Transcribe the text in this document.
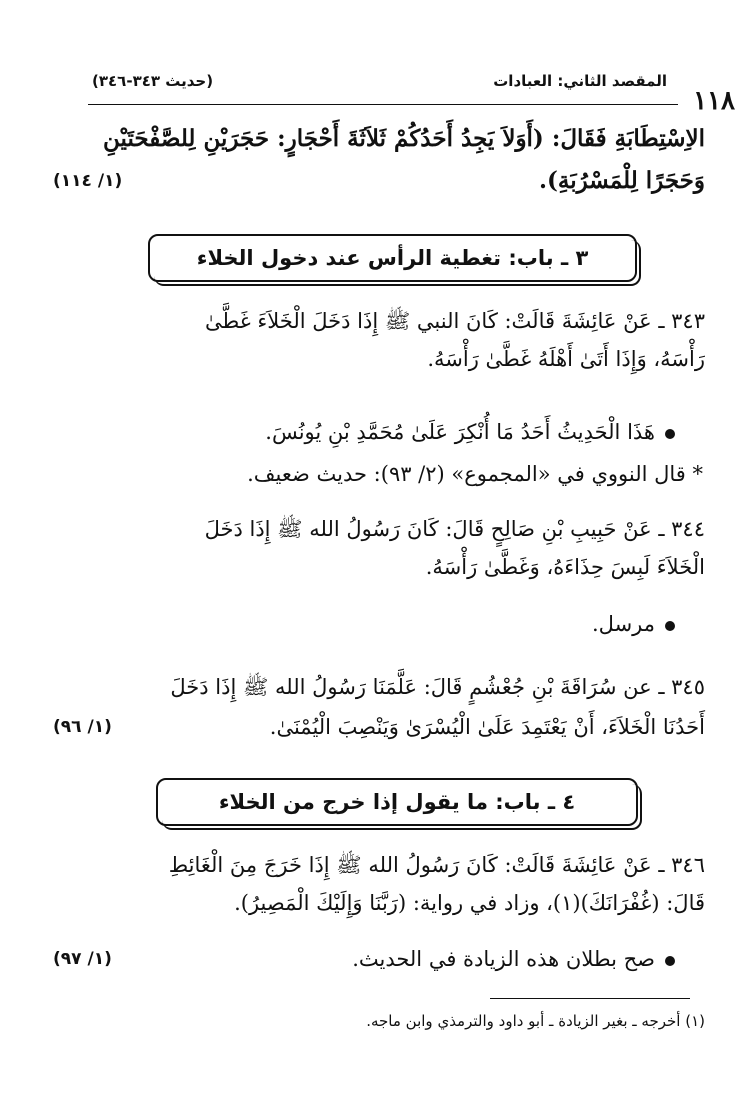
١١٨
المقصد الثاني: العبادات
(حديث ٣٤٣-٣٤٦)
الاِسْتِطَابَةِ فَقَالَ: (أَوَلاَ يَجِدُ أَحَدُكُمْ ثَلاَثَةَ أَحْجَارٍ: حَجَرَيْنِ لِلصَّفْحَتَيْنِ
وَحَجَرًا لِلْمَسْرُبَةِ).
(١/ ١١٤)
٣ ـ باب: تغطية الرأس عند دخول الخلاء
٣٤٣ ـ عَنْ عَائِشَةَ قَالَتْ: كَانَ النبي ﷺ إِذَا دَخَلَ الْخَلاَءَ غَطَّىٰ
رَأْسَهُ، وَإِذَا أَتَىٰ أَهْلَهُ غَطَّىٰ رَأْسَهُ.
هَذَا الْحَدِيثُ أَحَدُ مَا أُنْكِرَ عَلَىٰ مُحَمَّدِ بْنِ يُونُسَ.
* قال النووي في «المجموع» (٢/ ٩٣): حديث ضعيف.
٣٤٤ ـ عَنْ حَبِيبِ بْنِ صَالِحٍ قَالَ: كَانَ رَسُولُ الله ﷺ إِذَا دَخَلَ
الْخَلاَءَ لَبِسَ حِذَاءَهُ، وَغَطَّىٰ رَأْسَهُ.
مرسل.
٣٤٥ ـ عن سُرَاقَةَ بْنِ جُعْشُمٍ قَالَ: عَلَّمَنَا رَسُولُ الله ﷺ إِذَا دَخَلَ
أَحَدُنَا الْخَلاَءَ، أَنْ يَعْتَمِدَ عَلَىٰ الْيُسْرَىٰ وَيَنْصِبَ الْيُمْنَىٰ.
(١/ ٩٦)
٤ ـ باب: ما يقول إذا خرج من الخلاء
٣٤٦ ـ عَنْ عَائِشَةَ قَالَتْ: كَانَ رَسُولُ الله ﷺ إِذَا خَرَجَ مِنَ الْغَائِطِ
قَالَ: (غُفْرَانَكَ)(١)، وزاد في رواية: (رَبَّنَا وَإِلَيْكَ الْمَصِيرُ).
صح بطلان هذه الزيادة في الحديث.
(١/ ٩٧)
(١) أخرجه ـ بغير الزيادة ـ أبو داود والترمذي وابن ماجه.
